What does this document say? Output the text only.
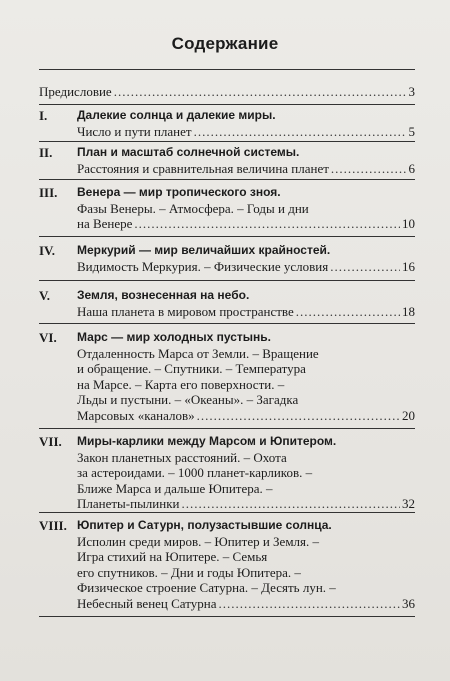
Содержание
Предисловие .....	3
I. Далекие солнца и далекие миры.
Число и пути планет .....	5
II. План и масштаб солнечной системы.
Расстояния и сравнительная величина планет .....	6
III. Венера — мир тропического зноя.
Фазы Венеры. – Атмосфера. – Годы и дни
на Венере .....	10
IV. Меркурий — мир величайших крайностей.
Видимость Меркурия. – Физические условия .....	16
V. Земля, вознесенная на небо.
Наша планета в мировом пространстве .....	18
VI. Марс — мир холодных пустынь.
Отдаленность Марса от Земли. – Вращение
и обращение. – Спутники. – Температура
на Марсе. – Карта его поверхности. –
Льды и пустыни. – «Океаны». – Загадка
Марсовых «каналов» .....	20
VII. Миры-карлики между Марсом и Юпитером.
Закон планетных расстояний. – Охота
за астероидами. – 1000 планет-карликов. –
Ближе Марса и дальше Юпитера. –
Планеты-пылинки .....	32
VIII. Юпитер и Сатурн, полузастывшие солнца.
Исполин среди миров. – Юпитер и Земля. –
Игра стихий на Юпитере. – Семья
его спутников. – Дни и годы Юпитера. –
Физическое строение Сатурна. – Десять лун. –
Небесный венец Сатурна .....	36
